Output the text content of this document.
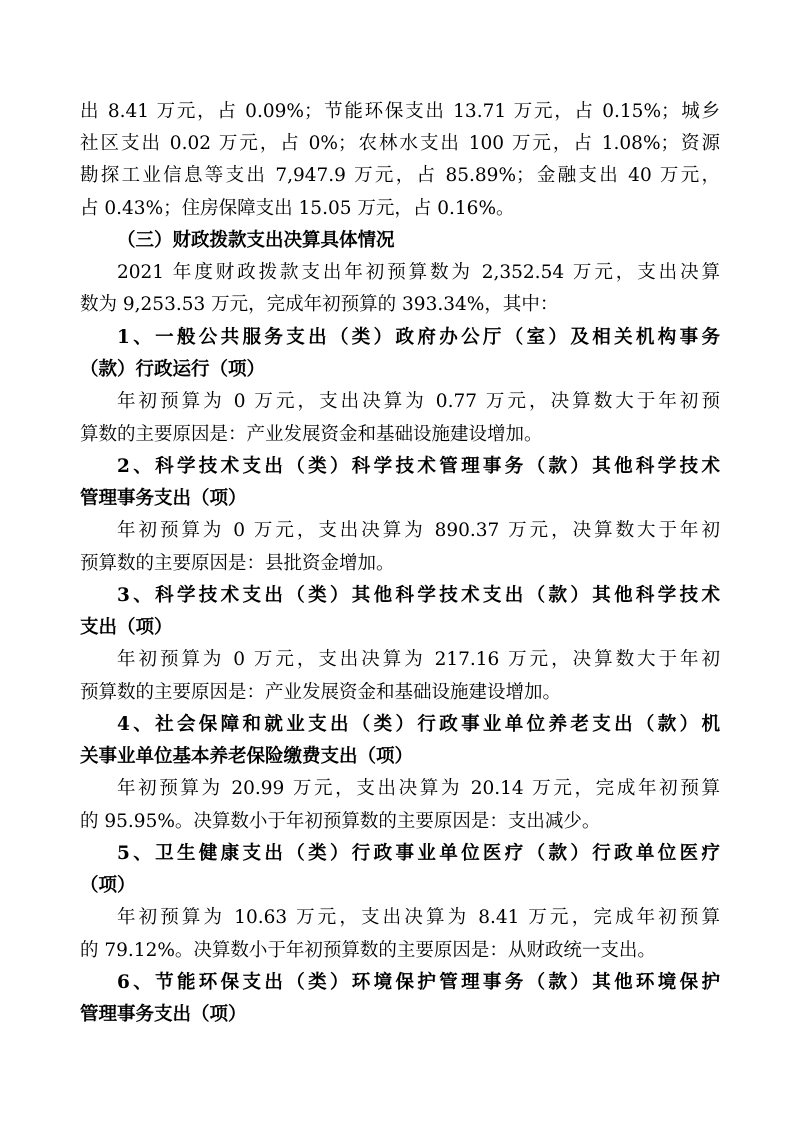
出 8.41 万元，占 0.09%；节能环保支出 13.71 万元，占 0.15%；城乡
社区支出 0.02 万元，占 0%；农林水支出 100 万元，占 1.08%；资源
勘探工业信息等支出 7,947.9 万元，占 85.89%；金融支出 40 万元，
占 0.43%；住房保障支出 15.05 万元，占 0.16%。
（三）财政拨款支出决算具体情况
2021 年度财政拨款支出年初预算数为 2,352.54 万元，支出决算
数为 9,253.53 万元，完成年初预算的 393.34%，其中：
1、一般公共服务支出（类）政府办公厅（室）及相关机构事务
（款）行政运行（项）
年初预算为 0 万元，支出决算为 0.77 万元，决算数大于年初预
算数的主要原因是：产业发展资金和基础设施建设增加。
2、科学技术支出（类）科学技术管理事务（款）其他科学技术
管理事务支出（项）
年初预算为 0 万元，支出决算为 890.37 万元，决算数大于年初
预算数的主要原因是：县批资金增加。
3、科学技术支出（类）其他科学技术支出（款）其他科学技术
支出（项）
年初预算为 0 万元，支出决算为 217.16 万元，决算数大于年初
预算数的主要原因是：产业发展资金和基础设施建设增加。
4、社会保障和就业支出（类）行政事业单位养老支出（款）机
关事业单位基本养老保险缴费支出（项）
年初预算为 20.99 万元，支出决算为 20.14 万元，完成年初预算
的 95.95%。决算数小于年初预算数的主要原因是：支出减少。
5、卫生健康支出（类）行政事业单位医疗（款）行政单位医疗
（项）
年初预算为 10.63 万元，支出决算为 8.41 万元，完成年初预算
的 79.12%。决算数小于年初预算数的主要原因是：从财政统一支出。
6、节能环保支出（类）环境保护管理事务（款）其他环境保护
管理事务支出（项）
